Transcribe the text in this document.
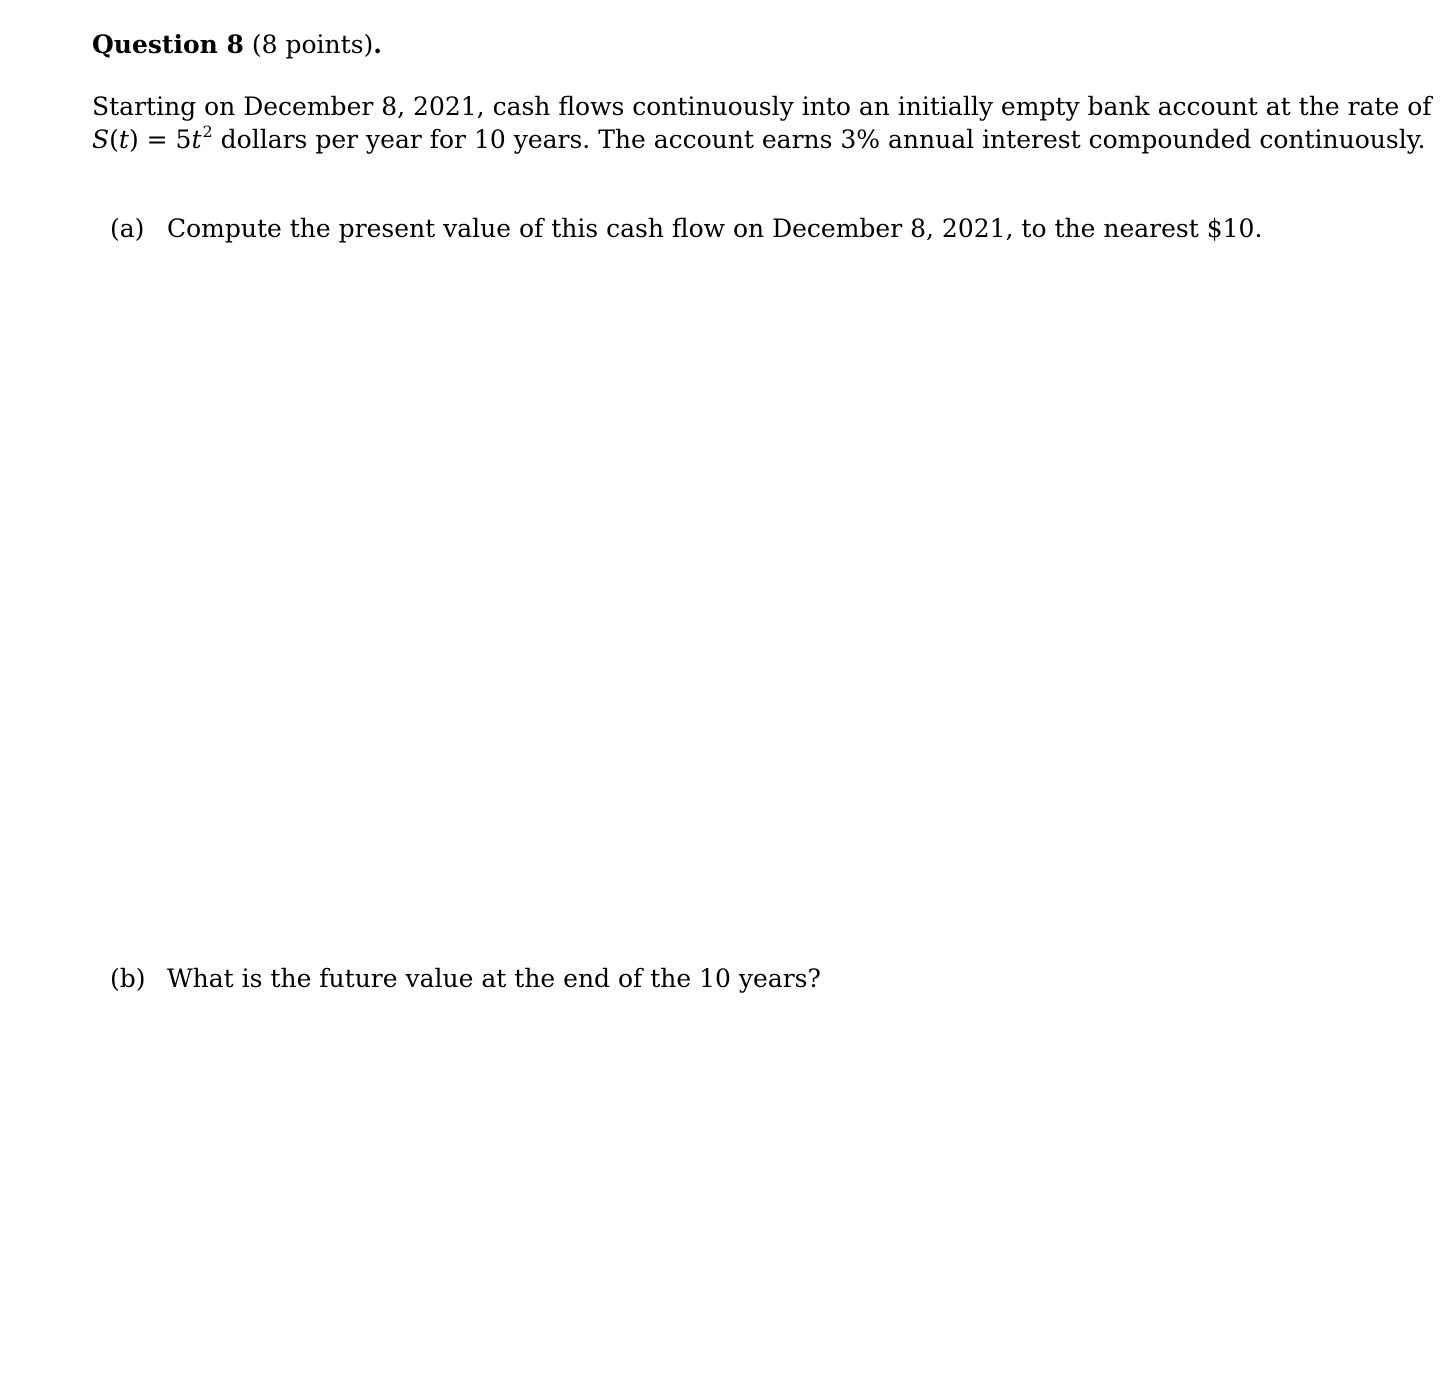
Question 8 (8 points).
Starting on December 8, 2021, cash flows continuously into an initially empty bank account at the rate of
$S(t) = 5t^2$ dollars per year for 10 years. The account earns 3% annual interest compounded continuously.
(a) Compute the present value of this cash flow on December 8, 2021, to the nearest $10.
(b) What is the future value at the end of the 10 years?
